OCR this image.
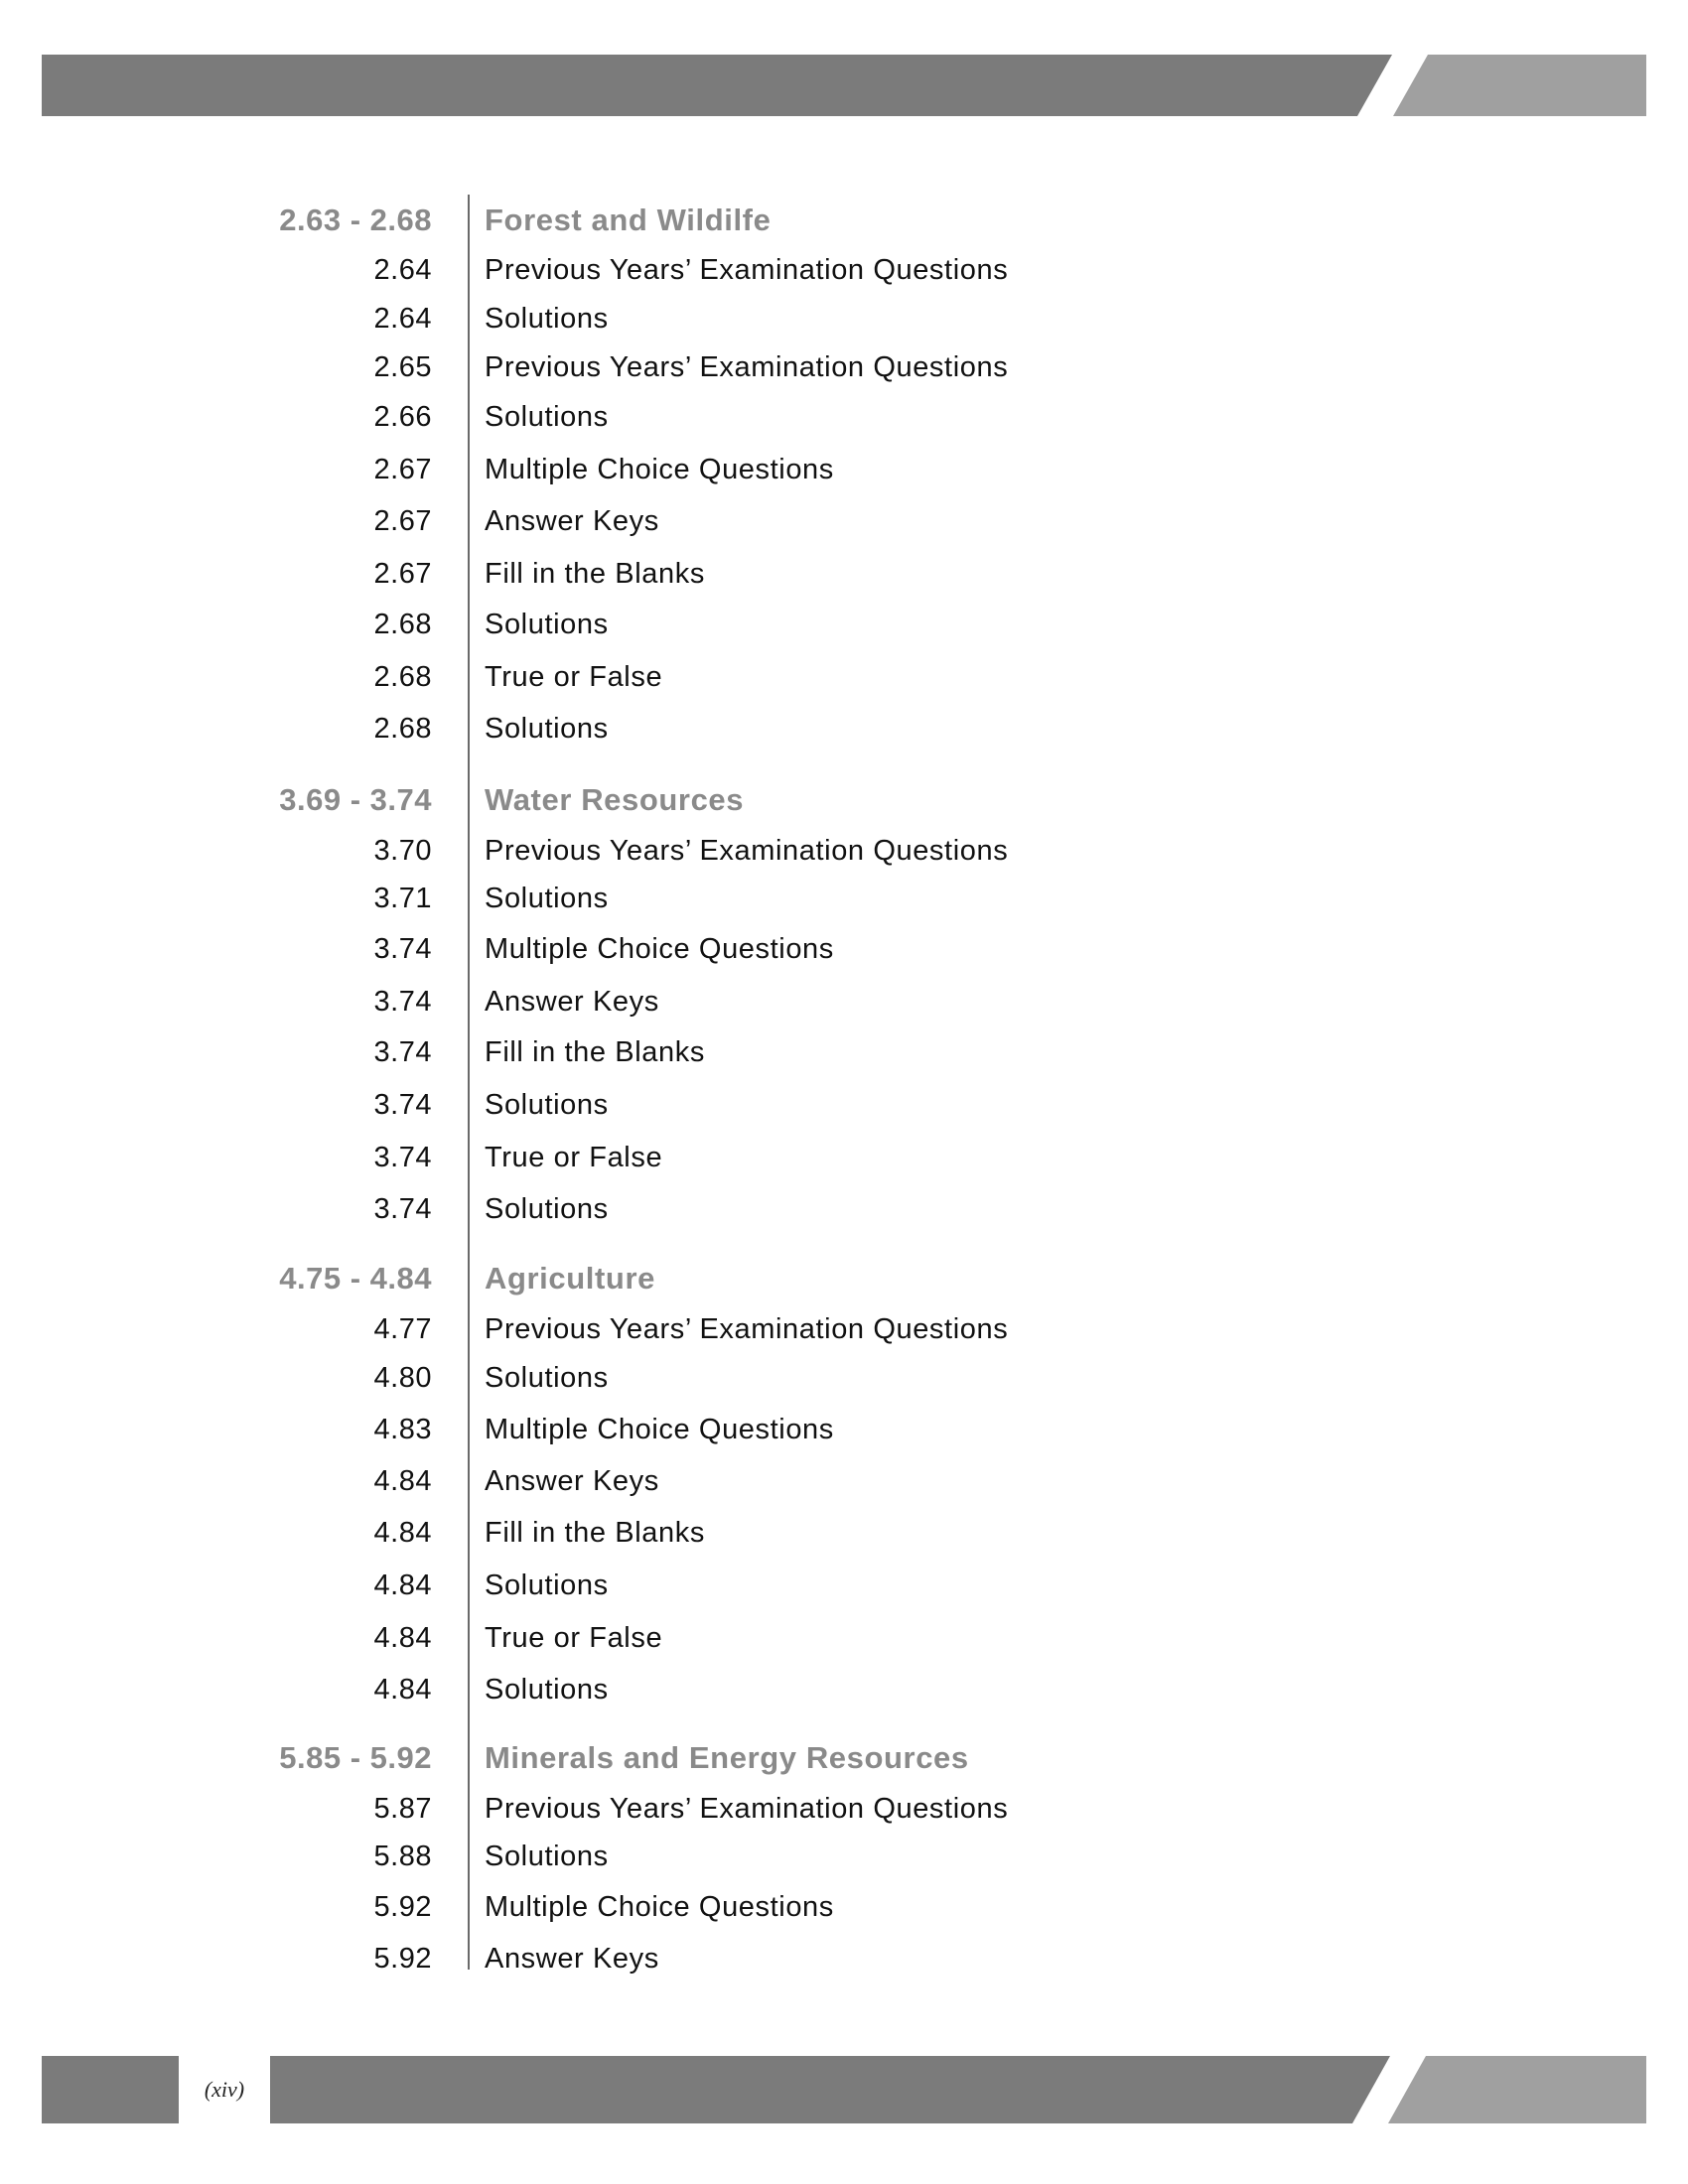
2.63 - 2.68 Forest and Wildilfe
2.64 Previous Years’ Examination Questions
2.64 Solutions
2.65 Previous Years’ Examination Questions
2.66 Solutions
2.67 Multiple Choice Questions
2.67 Answer Keys
2.67 Fill in the Blanks
2.68 Solutions
2.68 True or False
2.68 Solutions
3.69 - 3.74 Water Resources
3.70 Previous Years’ Examination Questions
3.71 Solutions
3.74 Multiple Choice Questions
3.74 Answer Keys
3.74 Fill in the Blanks
3.74 Solutions
3.74 True or False
3.74 Solutions
4.75 - 4.84 Agriculture
4.77 Previous Years’ Examination Questions
4.80 Solutions
4.83 Multiple Choice Questions
4.84 Answer Keys
4.84 Fill in the Blanks
4.84 Solutions
4.84 True or False
4.84 Solutions
5.85 - 5.92 Minerals and Energy Resources
5.87 Previous Years’ Examination Questions
5.88 Solutions
5.92 Multiple Choice Questions
5.92 Answer Keys
(xiv)
